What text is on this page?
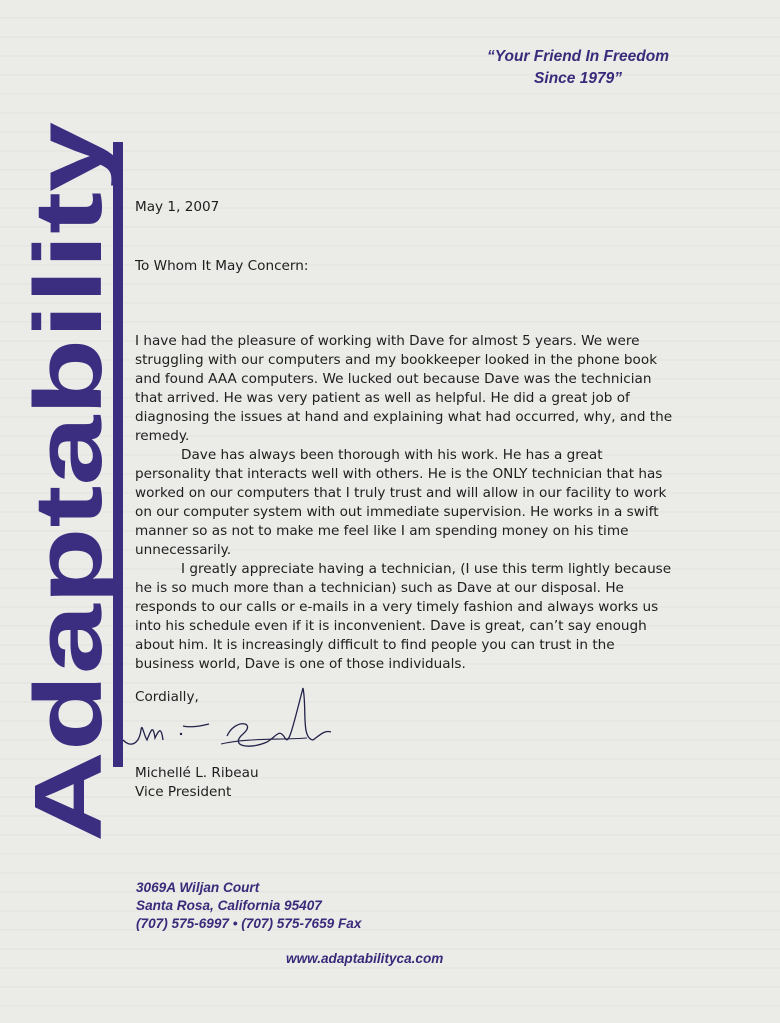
“Your Friend In Freedom
Since 1979”
Adaptability
May 1, 2007
To Whom It May Concern:

I have had the pleasure of working with Dave for almost 5 years. We were struggling with our computers and my bookkeeper looked in the phone book and found AAA computers. We lucked out because Dave was the technician that arrived. He was very patient as well as helpful. He did a great job of diagnosing the issues at hand and explaining what had occurred, why, and the remedy.

Dave has always been thorough with his work. He has a great personality that interacts well with others. He is the ONLY technician that has worked on our computers that I truly trust and will allow in our facility to work on our computer system with out immediate supervision. He works in a swift manner so as not to make me feel like I am spending money on his time unnecessarily.

I greatly appreciate having a technician, (I use this term lightly because he is so much more than a technician) such as Dave at our disposal. He responds to our calls or e-mails in a very timely fashion and always works us into his schedule even if it is inconvenient. Dave is great, can’t say enough about him. It is increasingly difficult to find people you can trust in the business world, Dave is one of those individuals.

Cordially,
Michellé L. Ribeau
Vice President
3069A Wiljan Court
Santa Rosa, California 95407
(707) 575-6997 • (707) 575-7659 Fax
www.adaptabilityca.com
